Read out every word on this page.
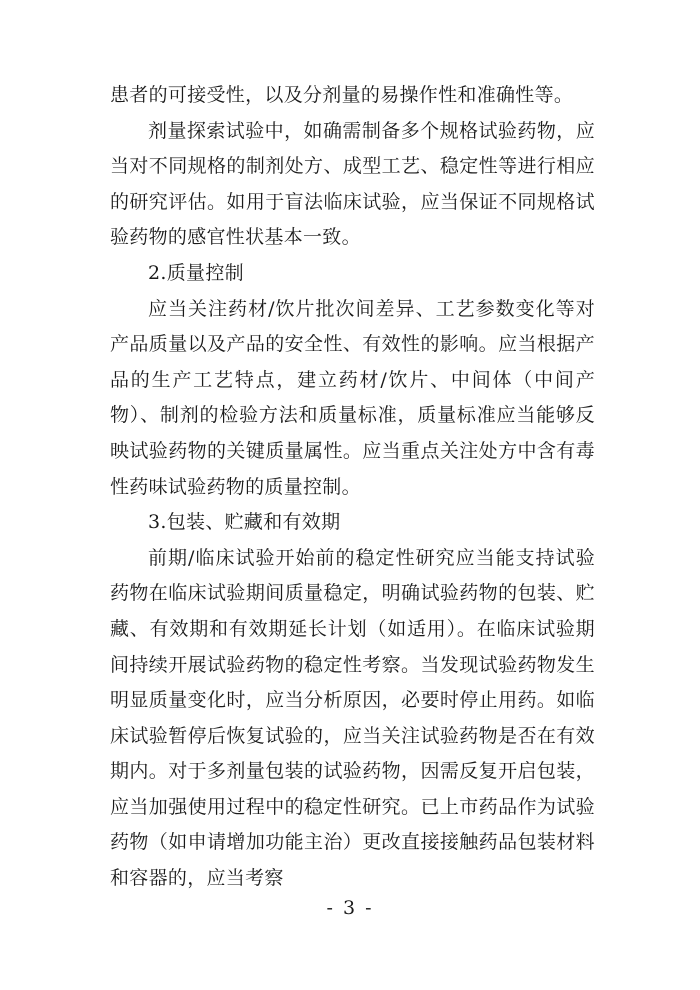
患者的可接受性，以及分剂量的易操作性和准确性等。

剂量探索试验中，如确需制备多个规格试验药物，应当对不同规格的制剂处方、成型工艺、稳定性等进行相应的研究评估。如用于盲法临床试验，应当保证不同规格试验药物的感官性状基本一致。

2.质量控制

应当关注药材/饮片批次间差异、工艺参数变化等对产品质量以及产品的安全性、有效性的影响。应当根据产品的生产工艺特点，建立药材/饮片、中间体（中间产物）、制剂的检验方法和质量标准，质量标准应当能够反映试验药物的关键质量属性。应当重点关注处方中含有毒性药味试验药物的质量控制。

3.包装、贮藏和有效期

前期/临床试验开始前的稳定性研究应当能支持试验药物在临床试验期间质量稳定，明确试验药物的包装、贮藏、有效期和有效期延长计划（如适用）。在临床试验期间持续开展试验药物的稳定性考察。当发现试验药物发生明显质量变化时，应当分析原因，必要时停止用药。如临床试验暂停后恢复试验的，应当关注试验药物是否在有效期内。对于多剂量包装的试验药物，因需反复开启包装，应当加强使用过程中的稳定性研究。已上市药品作为试验药物（如申请增加功能主治）更改直接接触药品包装材料和容器的，应当考察

- 3 -
